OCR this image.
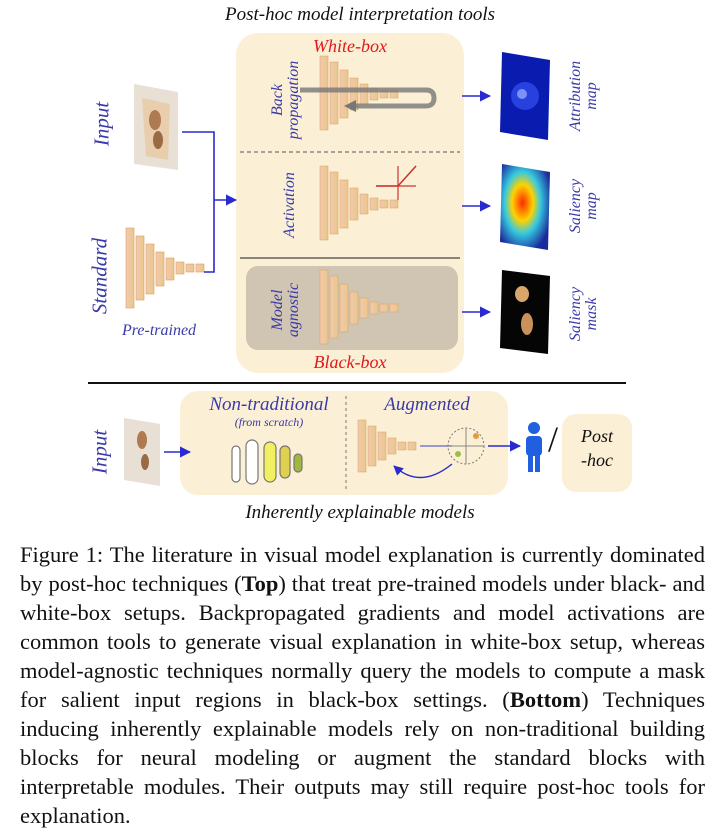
Post-hoc model interpretation tools
Inherently explainable models
Input
Standard
Pre-trained
White-box
Black-box
Back propagation
Activation
Model agnostic
Attribution map
Saliency map
Saliency mask
Input
Non-traditional
(from scratch)
Augmented
/	Post
-hoc
Figure 1: The literature in visual model explanation is currently dominated by post-hoc techniques (Top) that treat pre-trained models under black- and white-box setups. Backpropagated gradients and model activations are common tools to generate visual explanation in white-box setup, whereas model-agnostic techniques normally query the models to compute a mask for salient input regions in black-box settings. (Bottom) Techniques inducing inherently explainable models rely on non-traditional building blocks for neural modeling or augment the standard blocks with interpretable modules. Their outputs may still require post-hoc tools for explanation.
